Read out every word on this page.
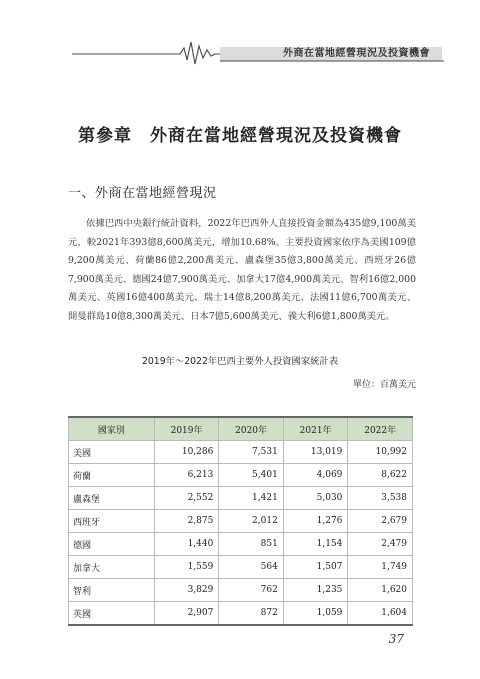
外商在當地經營現況及投資機會
第參章　外商在當地經營現況及投資機會
一、外商在當地經營現況
依據巴西中央銀行統計資料，2022年巴西外人直接投資金額為435億9,100萬美元，較2021年393億8,600萬美元，增加10.68%。主要投資國家依序為美國109億9,200萬美元、荷蘭86億2,200萬美元、盧森堡35億3,800萬美元、西班牙26億7,900萬美元、德國24億7,900萬美元、加拿大17億4,900萬美元、智利16億2,000萬美元、英國16億400萬美元、瑞士14億8,200萬美元、法國11億6,700萬美元、開曼群島10億8,300萬美元、日本7億5,600萬美元、義大利6億1,800萬美元。
2019年～2022年巴西主要外人投資國家統計表
單位：百萬美元
國家別	2019年	2020年	2021年	2022年
美國	10,286	7,531	13,019	10,992
荷蘭	6,213	5,401	4,069	8,622
盧森堡	2,552	1,421	5,030	3,538
西班牙	2,875	2,012	1,276	2,679
德國	1,440	851	1,154	2,479
加拿大	1,559	564	1,507	1,749
智利	3,829	762	1,235	1,620
英國	2,907	872	1,059	1,604
37
